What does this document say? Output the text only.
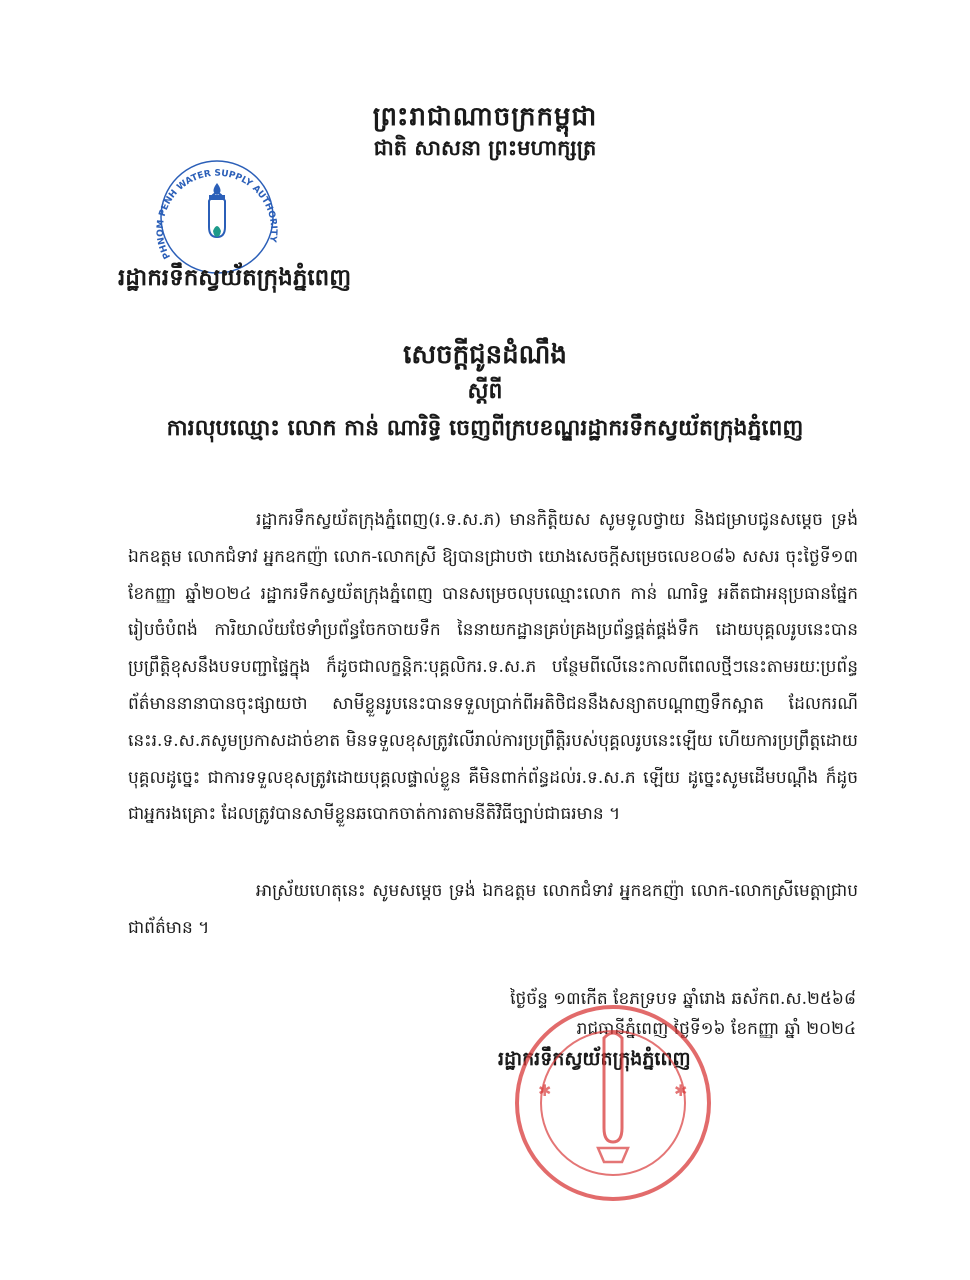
ព្រះរាជាណាចក្រកម្ពុជា
ជាតិ សាសនា ព្រះមហាក្សត្រ
PHNOM PENH WATER SUPPLY AUTHORITY
រដ្ឋាករទឹកស្វយ័តក្រុងភ្នំពេញ
សេចក្តីជូនដំណឹង
ស្តីពី
ការលុបឈ្មោះ លោក កាន់ ណារិទ្ធិ ចេញពីក្របខណ្ឌរដ្ឋាករទឹកស្វយ័តក្រុងភ្នំពេញ

រដ្ឋាករទឹកស្វយ័តក្រុងភ្នំពេញ(រ.ទ.ស.ភ) មានកិត្តិយស សូមទូលថ្វាយ និងជម្រាបជូនសម្តេច ទ្រង់ ឯកឧត្តម លោកជំទាវ អ្នកឧកញ៉ា លោក-លោកស្រី ឱ្យបានជ្រាបថា យោងសេចក្តីសម្រេចលេខ០៨៦ សសរ ចុះថ្ងៃទី១៣ ខែកញ្ញា ឆ្នាំ២០២៤ រដ្ឋាករទឹកស្វយ័តក្រុងភ្នំពេញ បានសម្រេចលុបឈ្មោះលោក កាន់ ណារិទ្ធ អតីតជាអនុប្រធានផ្នែករៀបចំបំពង់ ការិយាល័យថែទាំប្រព័ន្ធចែកចាយទឹក នៃនាយកដ្ឋានគ្រប់គ្រងប្រព័ន្ធផ្គត់ផ្គង់ទឹក ដោយបុគ្គលរូបនេះបានប្រព្រឹត្តិខុសនឹងបទបញ្ជាផ្ទៃក្នុង ក៏ដូចជាលក្ខន្តិកៈបុគ្គលិករ.ទ.ស.ភ បន្ថែមពីលើនេះកាលពីពេលថ្មីៗនេះតាមរយៈប្រព័ន្ធព័ត៌មាននានាបានចុះផ្សាយថា សាមីខ្លួនរូបនេះបានទទួលប្រាក់ពីអតិថិជននឹងសន្យាតបណ្តាញទឹកស្អាត ដែលករណីនេះរ.ទ.ស.ភសូមប្រកាសដាច់ខាត មិនទទួលខុសត្រូវលើរាល់ការប្រព្រឹត្តិរបស់បុគ្គលរូបនេះឡើយ ហើយការប្រព្រឹត្តដោយបុគ្គលដូច្នេះ ជាការទទួលខុសត្រូវដោយបុគ្គលផ្ទាល់ខ្លួន គឺមិនពាក់ព័ន្ធដល់រ.ទ.ស.ភ ឡើយ ដូច្នេះសូមដើមបណ្តឹង ក៏ដូចជាអ្នករងគ្រោះ ដែលត្រូវបានសាមីខ្លួនឆបោកចាត់ការតាមនីតិវិធីច្បាប់ជាធរមាន ។

អាស្រ័យហេតុនេះ សូមសម្តេច ទ្រង់ ឯកឧត្តម លោកជំទាវ អ្នកឧកញ៉ា លោក-លោកស្រីមេត្តាជ្រាបជាព័ត៌មាន ។

ថ្ងៃច័ន្ទ ១៣កើត ខែភទ្របទ ឆ្នាំរោង ឆស័កព.ស.២៥៦៨
រាជធានីភ្នំពេញ ថ្ងៃទី១៦ ខែកញ្ញា ឆ្នាំ ២០២៤
រដ្ឋាករទឹកស្វយ័តក្រុងភ្នំពេញ
✱	✱
